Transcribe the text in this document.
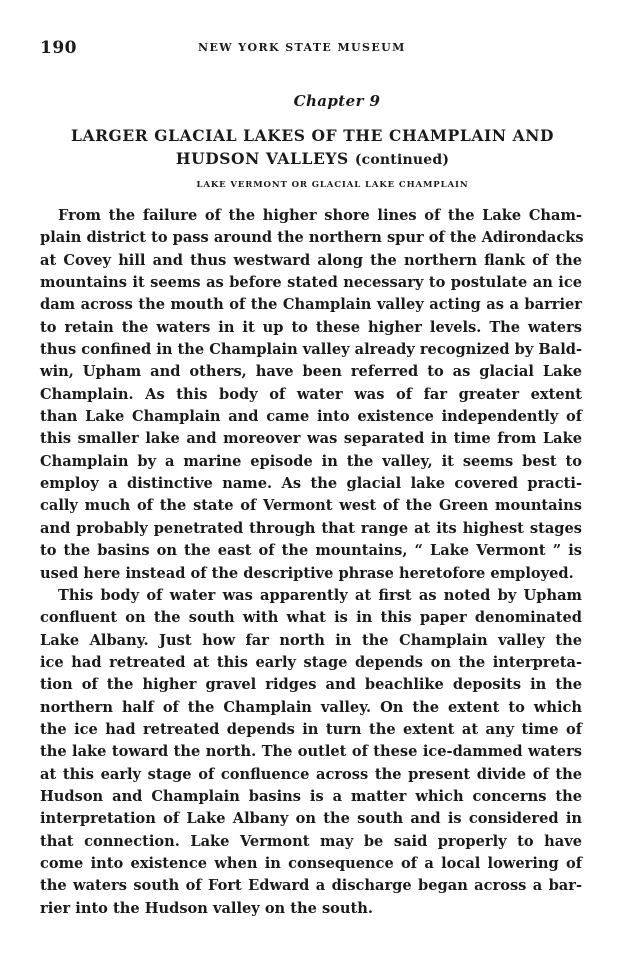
190	NEW YORK STATE MUSEUM
Chapter 9
LARGER GLACIAL LAKES OF THE CHAMPLAIN AND
HUDSON VALLEYS (continued)
LAKE VERMONT OR GLACIAL LAKE CHAMPLAIN
From the failure of the higher shore lines of the Lake Cham-
plain district to pass around the northern spur of the Adirondacks
at Covey hill and thus westward along the northern flank of the
mountains it seems as before stated necessary to postulate an ice
dam across the mouth of the Champlain valley acting as a barrier
to retain the waters in it up to these higher levels. The waters
thus confined in the Champlain valley already recognized by Bald-
win, Upham and others, have been referred to as glacial Lake
Champlain. As this body of water was of far greater extent
than Lake Champlain and came into existence independently of
this smaller lake and moreover was separated in time from Lake
Champlain by a marine episode in the valley, it seems best to
employ a distinctive name. As the glacial lake covered practi-
cally much of the state of Vermont west of the Green mountains
and probably penetrated through that range at its highest stages
to the basins on the east of the mountains, “ Lake Vermont ” is
used here instead of the descriptive phrase heretofore employed.
This body of water was apparently at first as noted by Upham
confluent on the south with what is in this paper denominated
Lake Albany. Just how far north in the Champlain valley the
ice had retreated at this early stage depends on the interpreta-
tion of the higher gravel ridges and beachlike deposits in the
northern half of the Champlain valley. On the extent to which
the ice had retreated depends in turn the extent at any time of
the lake toward the north. The outlet of these ice-dammed waters
at this early stage of confluence across the present divide of the
Hudson and Champlain basins is a matter which concerns the
interpretation of Lake Albany on the south and is considered in
that connection. Lake Vermont may be said properly to have
come into existence when in consequence of a local lowering of
the waters south of Fort Edward a discharge began across a bar-
rier into the Hudson valley on the south.
